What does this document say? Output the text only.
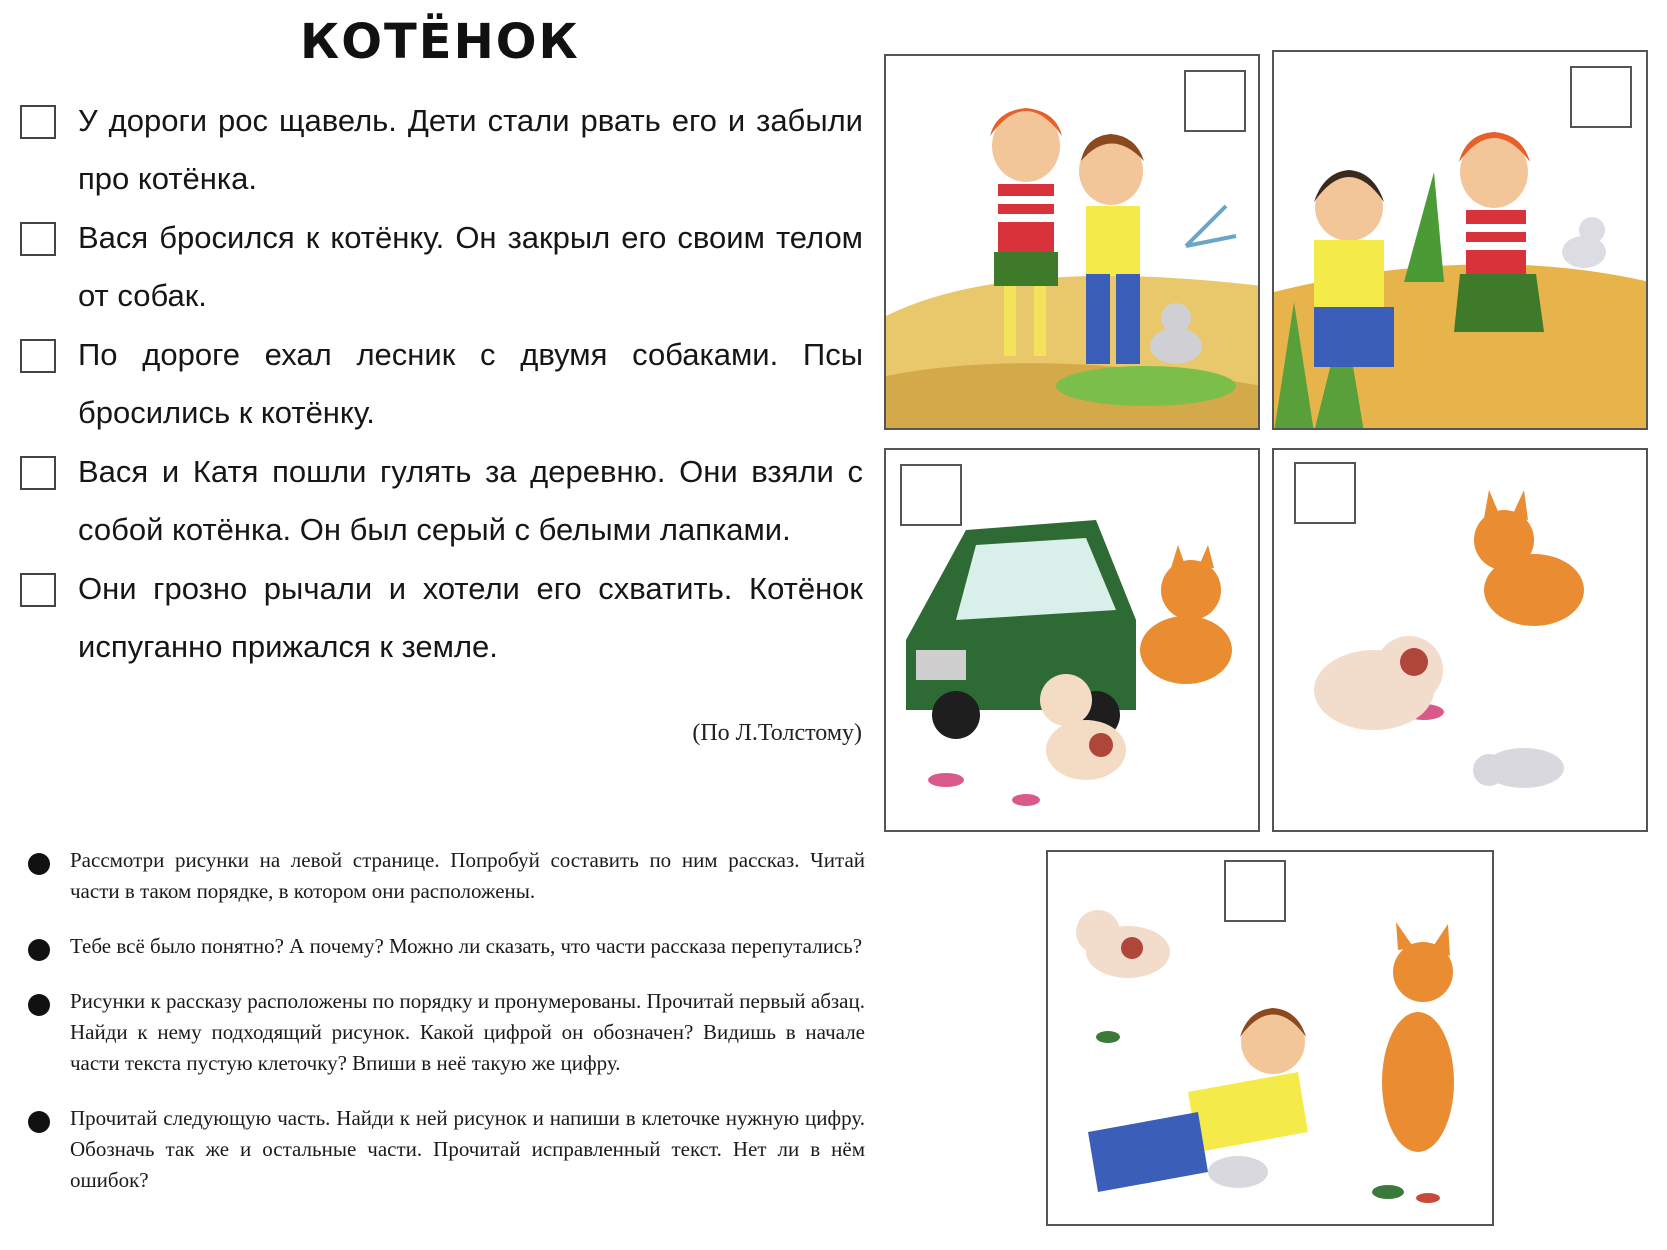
КОТЁНОК

У дороги рос щавель. Дети стали рвать его и забыли про котёнка.

Вася бросился к котёнку. Он закрыл его своим телом от собак.

По дороге ехал лесник с двумя собаками. Псы бросились к котёнку.

Вася и Катя пошли гулять за деревню. Они взяли с собой котёнка. Он был серый с белыми лапками.

Они грозно рычали и хотели его схватить. Котёнок испуганно прижался к земле.

(По Л.Толстому)

Рассмотри рисунки на левой странице. Попробуй составить по ним рассказ. Читай части в таком порядке, в котором они расположены.

Тебе всё было понятно? А почему? Можно ли сказать, что части рассказа перепутались?

Рисунки к рассказу расположены по порядку и пронумерованы. Прочитай первый абзац. Найди к нему подходящий рисунок. Какой цифрой он обозначен? Видишь в начале части текста пустую клеточку? Впиши в неё такую же цифру.

Прочитай следующую часть. Найди к ней рисунок и напиши в клеточке нужную цифру. Обозначь так же и остальные части. Прочитай исправленный текст. Нет ли в нём ошибок?
